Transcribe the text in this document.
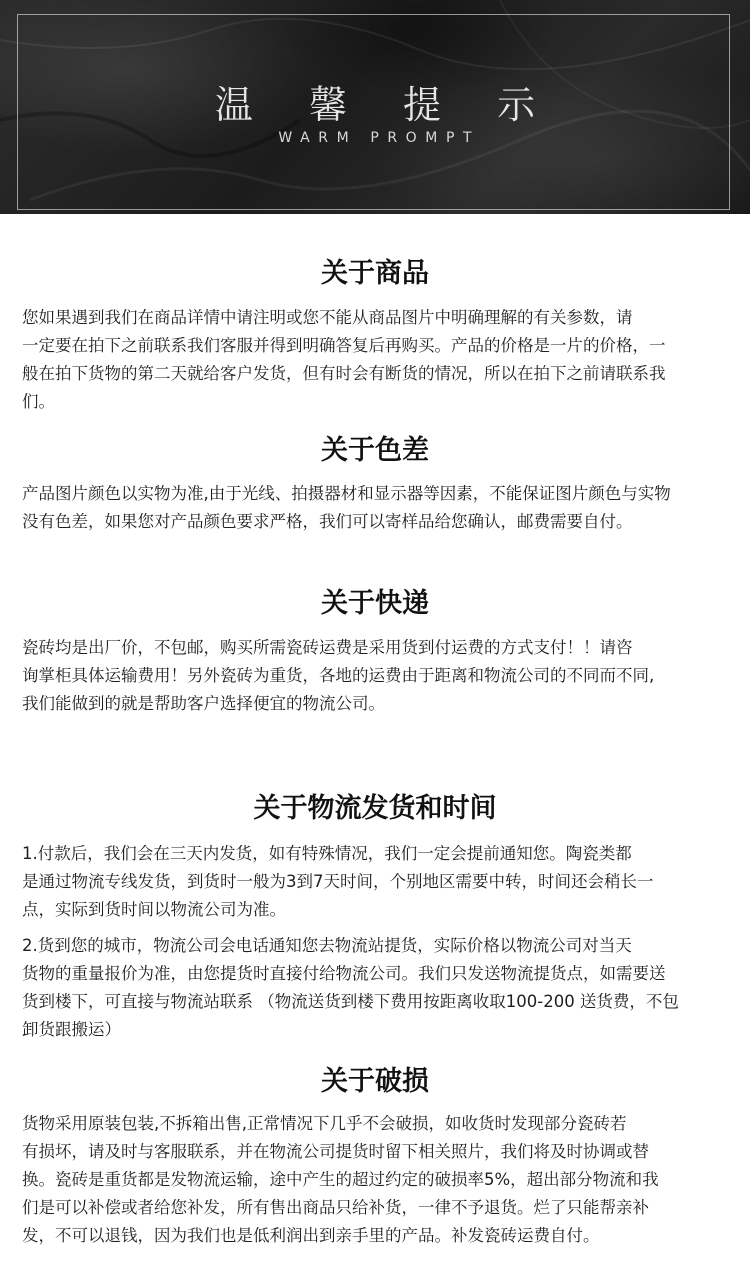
温 馨 提 示
WARM PROMPT
关于商品
您如果遇到我们在商品详情中请注明或您不能从商品图片中明确理解的有关参数，请
一定要在拍下之前联系我们客服并得到明确答复后再购买。产品的价格是一片的价格，一
般在拍下货物的第二天就给客户发货，但有时会有断货的情况，所以在拍下之前请联系我
们。
关于色差
产品图片颜色以实物为准,由于光线、拍摄器材和显示器等因素，不能保证图片颜色与实物
没有色差，如果您对产品颜色要求严格，我们可以寄样品给您确认，邮费需要自付。
关于快递
瓷砖均是出厂价，不包邮，购买所需瓷砖运费是采用货到付运费的方式支付！！请咨
询掌柜具体运输费用！另外瓷砖为重货，各地的运费由于距离和物流公司的不同而不同,
我们能做到的就是帮助客户选择便宜的物流公司。
关于物流发货和时间
1.付款后，我们会在三天内发货，如有特殊情况，我们一定会提前通知您。陶瓷类都
是通过物流专线发货，到货时一般为3到7天时间，个别地区需要中转，时间还会稍长一
点，实际到货时间以物流公司为准。
2.货到您的城市，物流公司会电话通知您去物流站提货，实际价格以物流公司对当天
货物的重量报价为准，由您提货时直接付给物流公司。我们只发送物流提货点，如需要送
货到楼下，可直接与物流站联系 （物流送货到楼下费用按距离收取100-200 送货费，不包
卸货跟搬运）
关于破损
货物采用原装包装,不拆箱出售,正常情况下几乎不会破损，如收货时发现部分瓷砖若
有损坏，请及时与客服联系，并在物流公司提货时留下相关照片，我们将及时协调或替
换。瓷砖是重货都是发物流运输，途中产生的超过约定的破损率5%，超出部分物流和我
们是可以补偿或者给您补发，所有售出商品只给补货，一律不予退货。烂了只能帮亲补
发，不可以退钱，因为我们也是低利润出到亲手里的产品。补发瓷砖运费自付。
